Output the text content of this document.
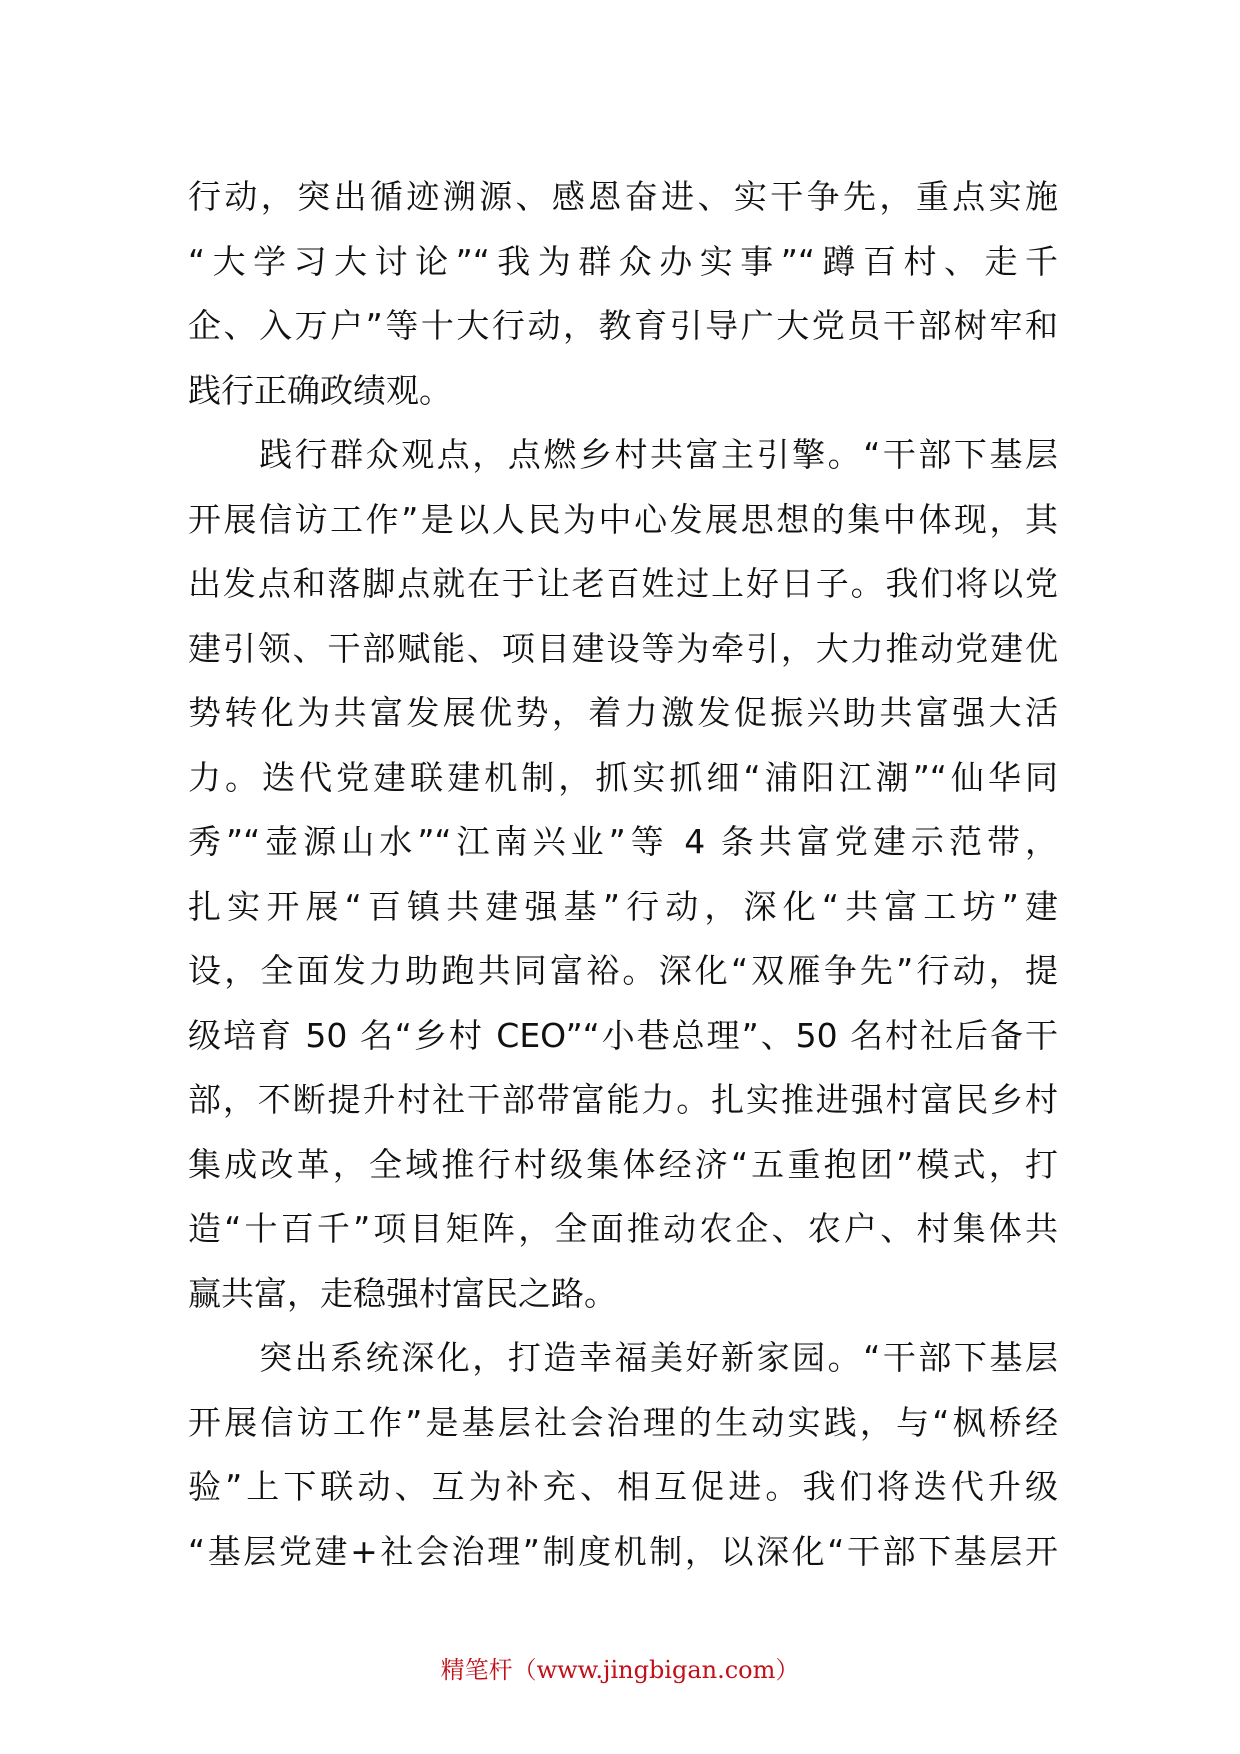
行动，突出循迹溯源、感恩奋进、实干争先，重点实施
“大学习大讨论”“我为群众办实事”“蹲百村、走千
企、入万户”等十大行动，教育引导广大党员干部树牢和
践行正确政绩观。
　　践行群众观点，点燃乡村共富主引擎。“干部下基层
开展信访工作”是以人民为中心发展思想的集中体现，其
出发点和落脚点就在于让老百姓过上好日子。我们将以党
建引领、干部赋能、项目建设等为牵引，大力推动党建优
势转化为共富发展优势，着力激发促振兴助共富强大活
力。迭代党建联建机制，抓实抓细“浦阳江潮”“仙华同
秀”“壶源山水”“江南兴业”等 4 条共富党建示范带，
扎实开展“百镇共建强基”行动，深化“共富工坊”建
设，全面发力助跑共同富裕。深化“双雁争先”行动，提
级培育 50 名“乡村 CEO”“小巷总理”、50 名村社后备干
部，不断提升村社干部带富能力。扎实推进强村富民乡村
集成改革，全域推行村级集体经济“五重抱团”模式，打
造“十百千”项目矩阵，全面推动农企、农户、村集体共
赢共富，走稳强村富民之路。
　　突出系统深化，打造幸福美好新家园。“干部下基层
开展信访工作”是基层社会治理的生动实践，与“枫桥经
验”上下联动、互为补充、相互促进。我们将迭代升级
“基层党建+社会治理”制度机制，以深化“干部下基层开
精笔杆（www.jingbigan.com）
